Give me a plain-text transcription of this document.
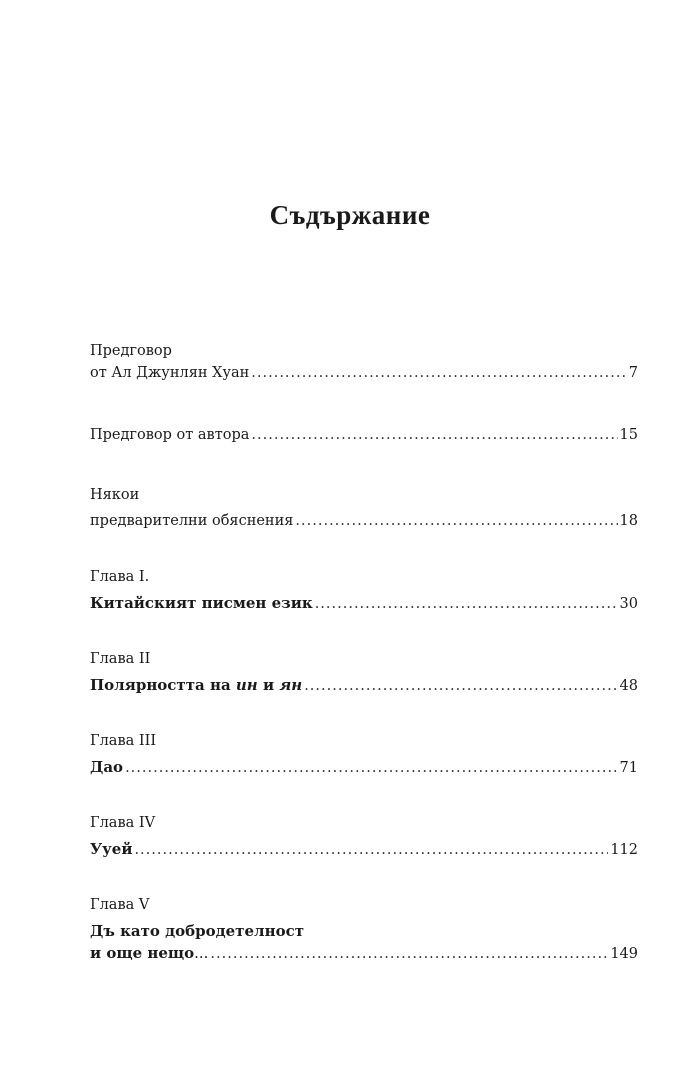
Съдържание
Предговор
от Ал Джунлян Хуан .....	7
Предговор от автора .....	15
Някои
предварителни обяснения .....	18
Глава I.
Китайският писмен език .....	30
Глава II
Полярността на ин и ян .....	48
Глава III
Дао .....	71
Глава IV
Ууей .....	112
Глава V
Дъ като добродетелност
и още нещо... .....	149
